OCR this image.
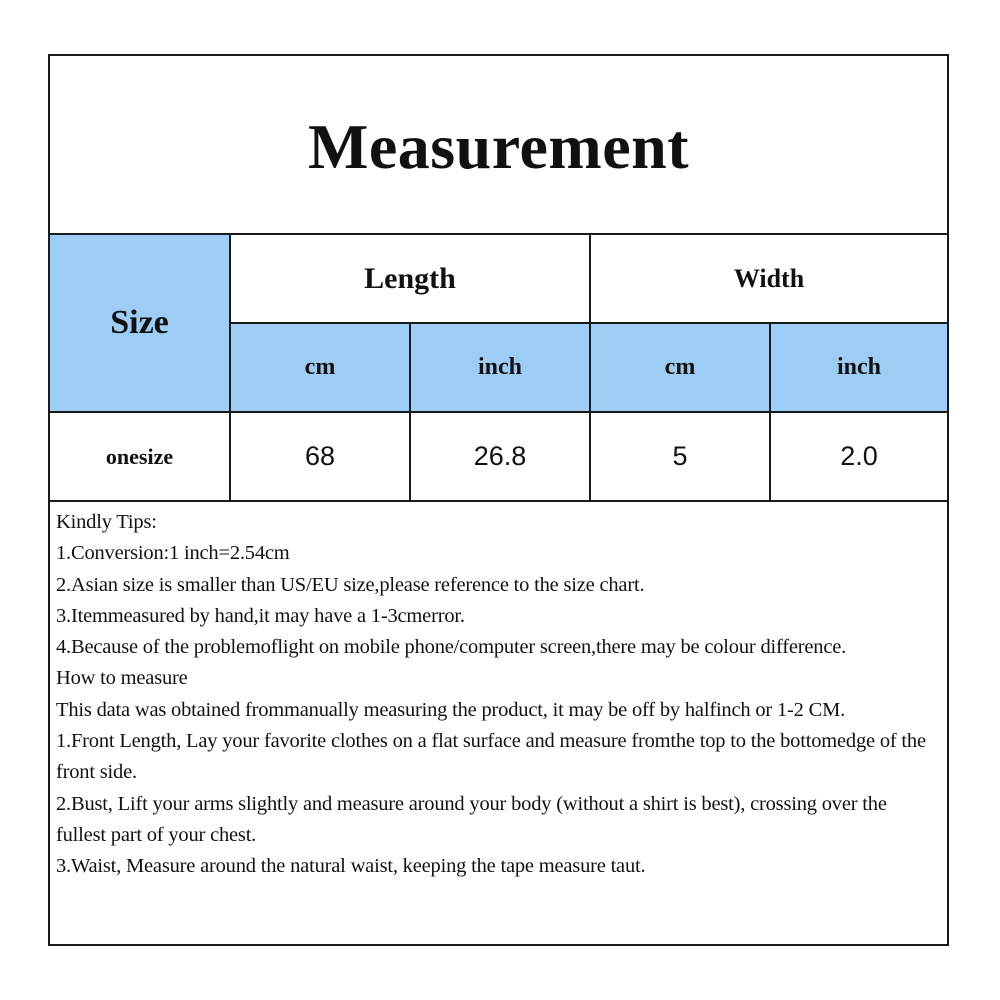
Measurement
Size	Length		Width	
	cm	inch	cm	inch
onesize	68	26.8	5	2.0
Kindly Tips:
1.Conversion:1 inch=2.54cm
2.Asian size is smaller than US/EU size,please reference to the size chart.
3.Itemmeasured by hand,it may have a 1-3cmerror.
4.Because of the problemoflight on mobile phone/computer screen,there may be colour difference.
How to measure
This data was obtained frommanually measuring the product, it may be off by halfinch or 1-2 CM.
1.Front Length, Lay your favorite clothes on a flat surface and measure fromthe top to the bottomedge of the front side.
2.Bust, Lift your arms slightly and measure around your body (without a shirt is best), crossing over the fullest part of your chest.
3.Waist, Measure around the natural waist, keeping the tape measure taut.
